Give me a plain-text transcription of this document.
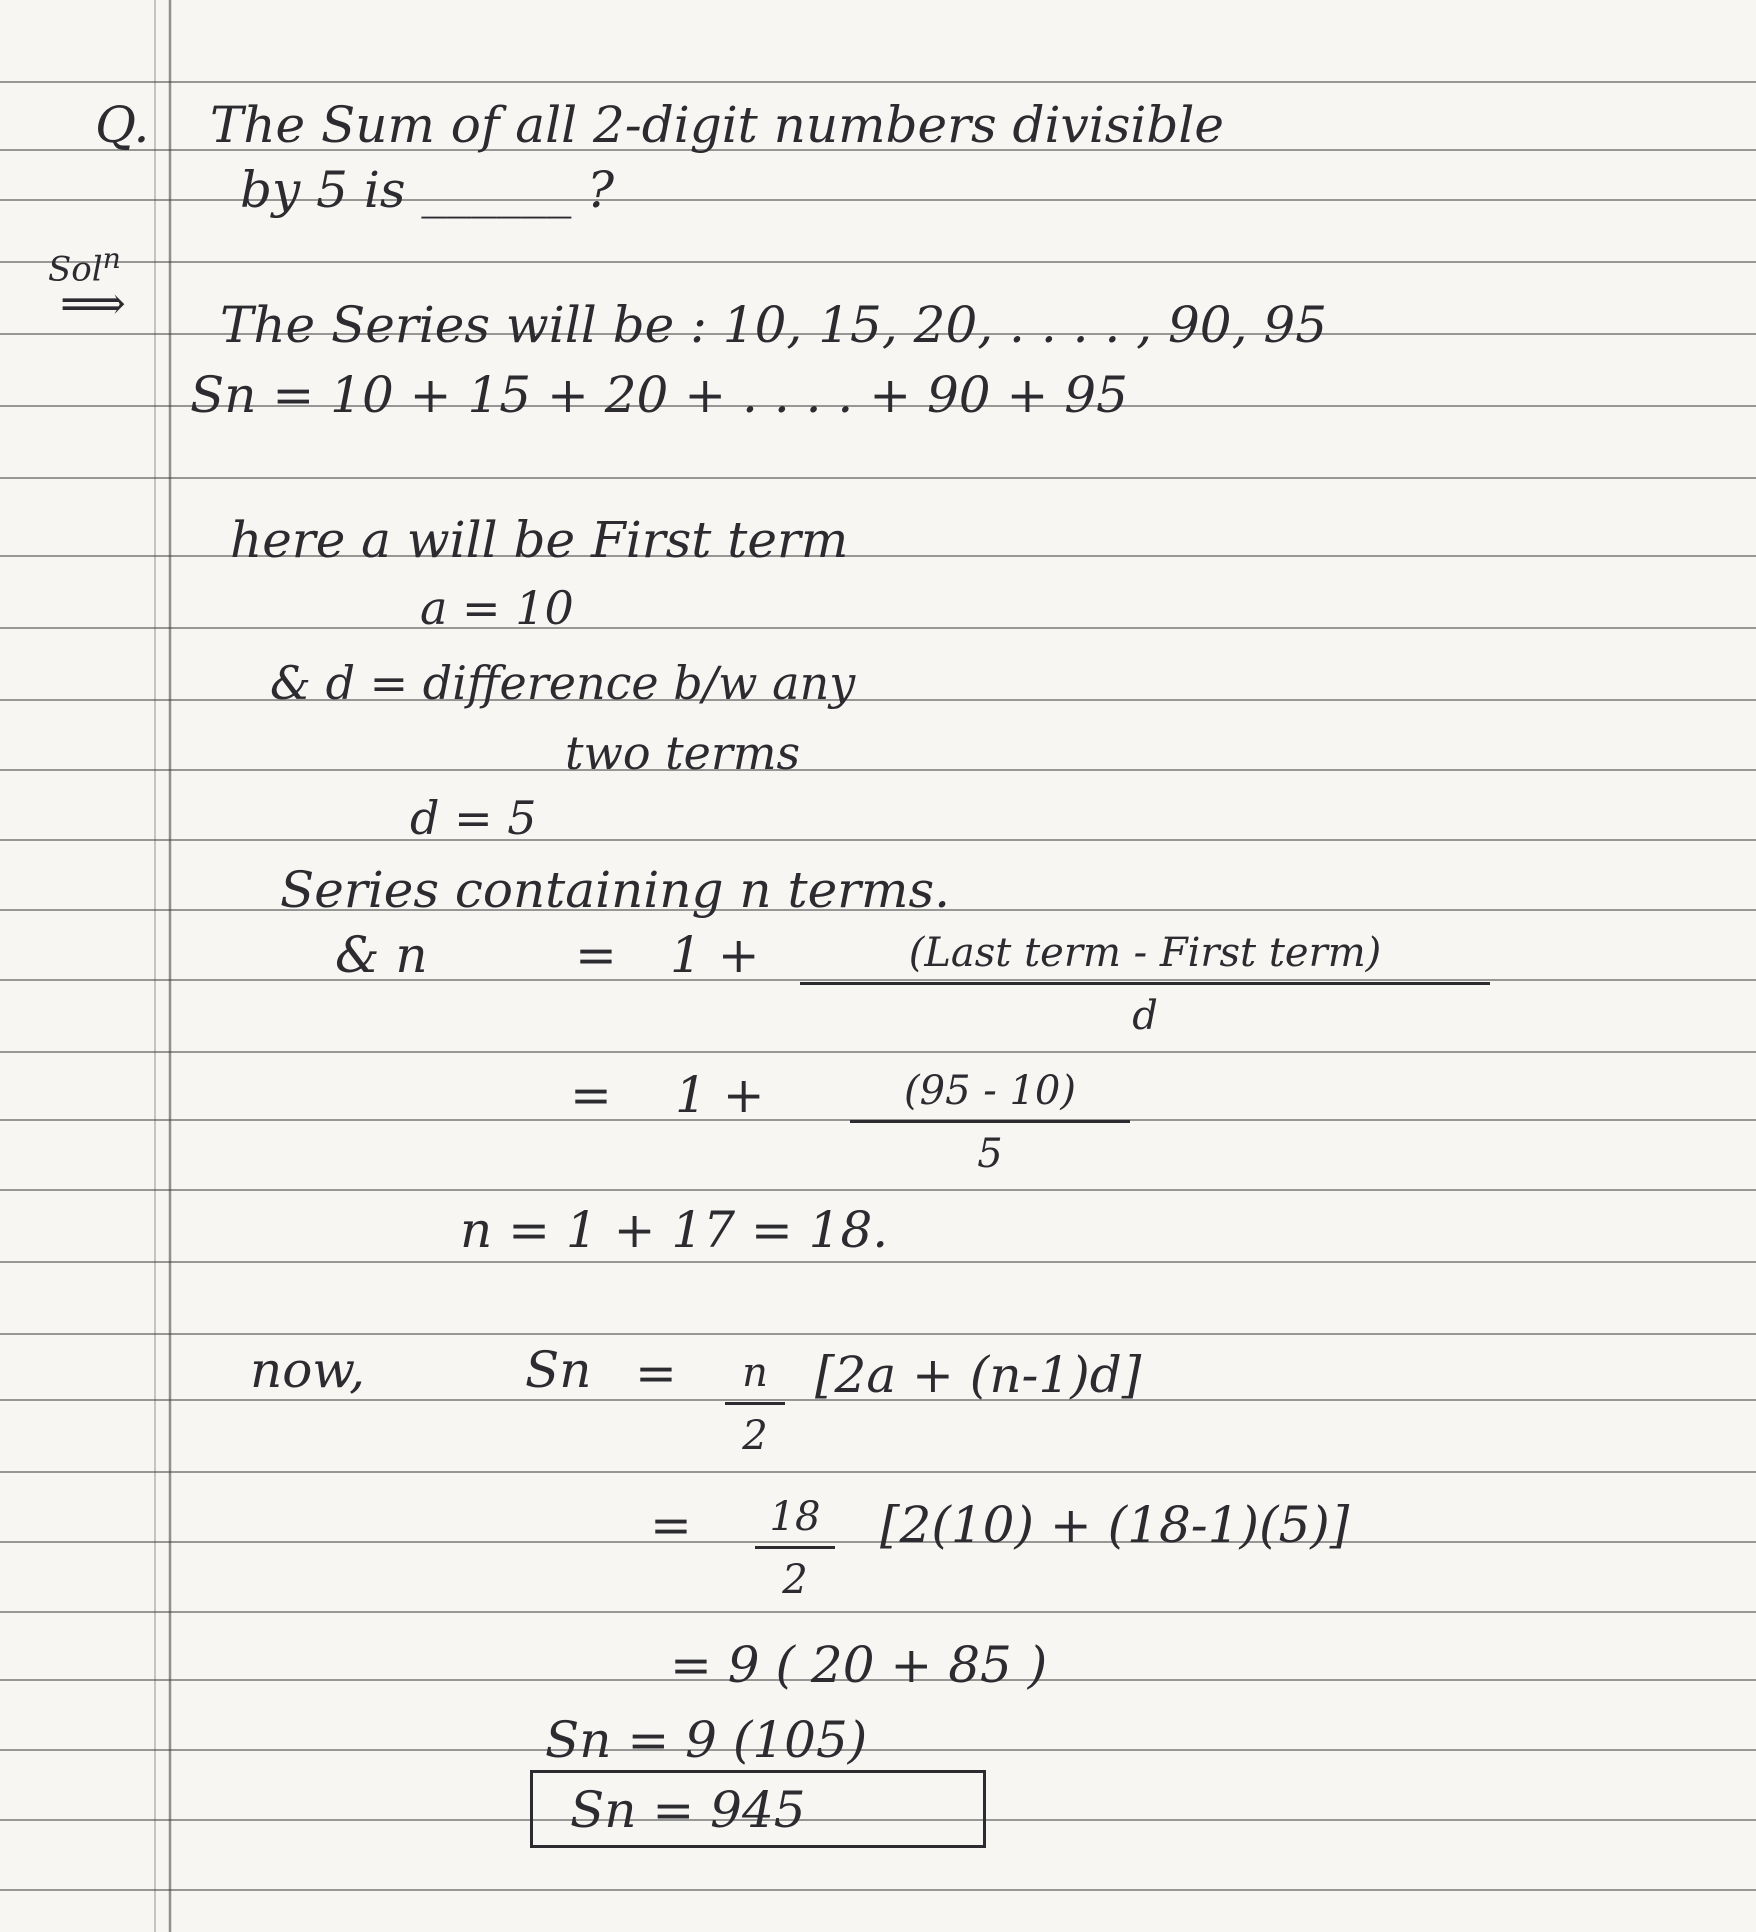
Q. The Sum of all 2-digit numbers divisible
by 5 is ______ ?
Sol$^n$
⟹ The Series will be : 10, 15, 20, . . . . , 90, 95
Sn = 10 + 15 + 20 + . . . . + 90 + 95
here a will be First term
a = 10
& d = difference b/w any
two terms
d = 5
Series containing n terms.
& n	= 1 +	(Last term - First term)
d
= $1 + \frac{(95 - 10)}{5}$
n = 1 + 17 = 18.
now,	$Sn = \frac{n}{2} [2a + (n-1)d]$
= $\frac{18}{2} [2(10) + (18-1)(5)]$
= 9 ( 20 + 85 )
Sn = 9 (105)
Sn = 945
